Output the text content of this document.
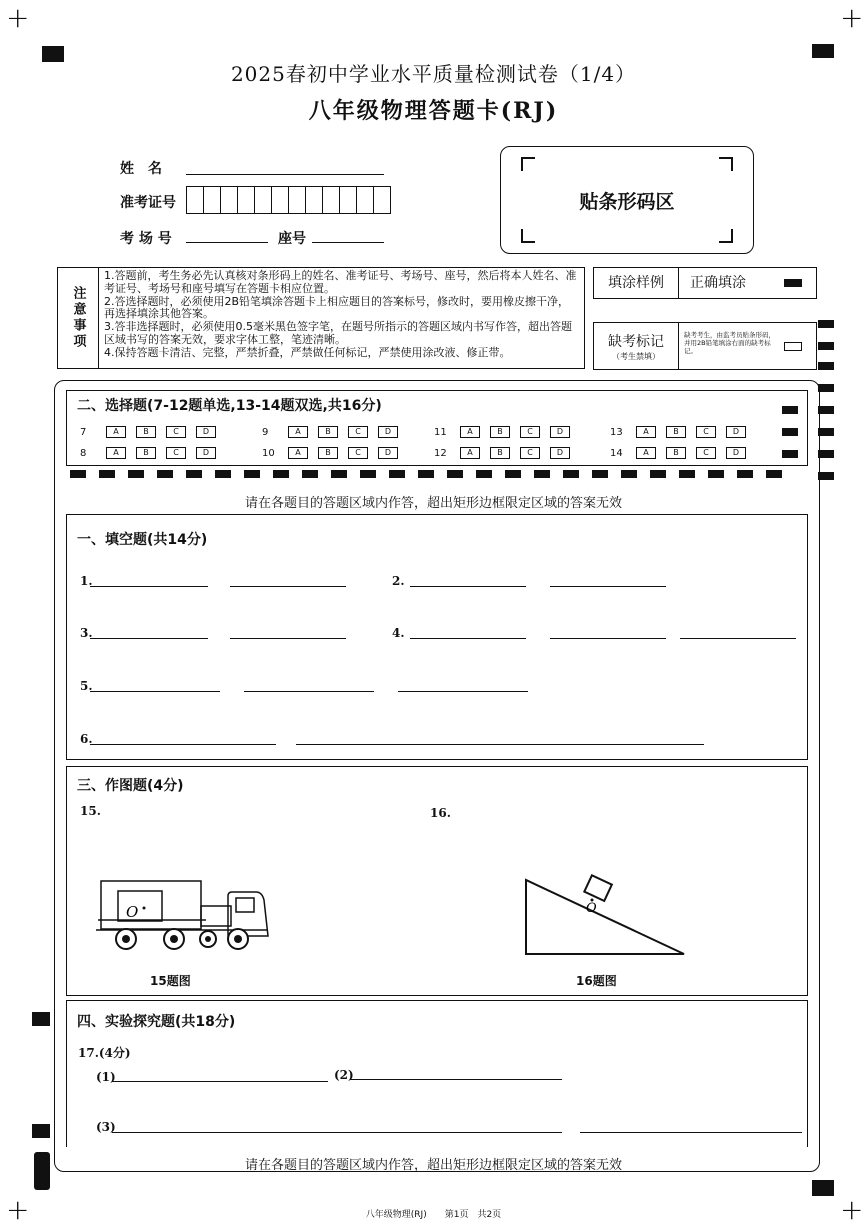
+	+
+	+
2025春初中学业水平质量检测试卷（1/4）
八年级物理答题卡(RJ)
姓　名
准考证号
考 场 号	座号
贴条形码区
注意事项
1.答题前，考生务必先认真核对条形码上的姓名、准考证号、考场号、座号，然后将本人姓名、准考证号、考场号和座号填写在答题卡相应位置。
2.答选择题时，必须使用2B铅笔填涂答题卡上相应题目的答案标号，修改时，要用橡皮擦干净，再选择填涂其他答案。
3.答非选择题时，必须使用0.5毫米黑色签字笔，在题号所指示的答题区域内书写作答，超出答题区域书写的答案无效，要求字体工整，笔迹清晰。
4.保持答题卡清洁、完整，严禁折叠，严禁做任何标记，严禁使用涂改液、修正带。
填涂样例	正确填涂
缺考标记
（考生禁填）
缺考考生，由监考员贴条形码，并用2B铅笔填涂右面的缺考标记。
二、选择题(7-12题单选,13-14题双选,共16分)
7	A	B	C	D	9	A	B	C	D	11	A	B	C	D	13	A	B	C	D
8	A	B	C	D	10	A	B	C	D	12	A	B	C	D	14	A	B	C	D
请在各题目的答题区域内作答，超出矩形边框限定区域的答案无效
一、填空题(共14分)
1.	2.
3.	4.
5.
6.
三、作图题(4分)
15.	16.
O	O
15题图	16题图
四、实验探究题(共18分)
17.(4分)
(1)	(2)
(3)
请在各题目的答题区域内作答，超出矩形边框限定区域的答案无效
八年级物理(RJ)　　第1页　共2页
